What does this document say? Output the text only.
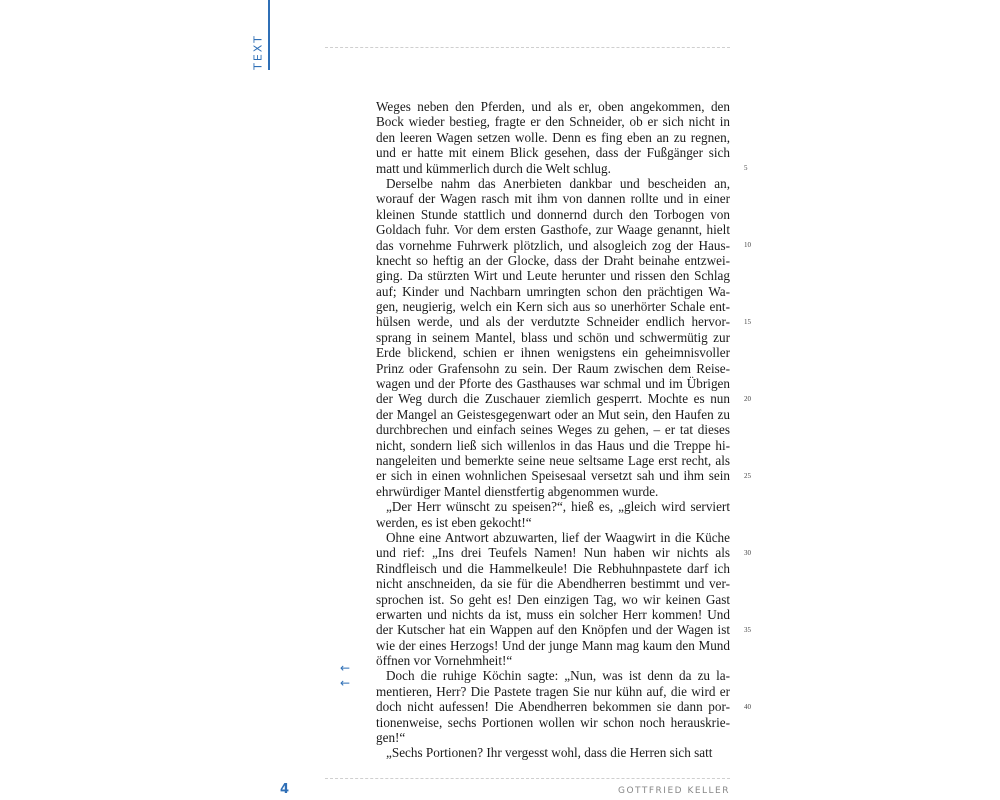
TEXT
Weges neben den Pferden, und als er, oben angekommen, den
Bock wieder bestieg, fragte er den Schneider, ob er sich nicht in
den leeren Wagen setzen wolle. Denn es fing eben an zu regnen,
und er hatte mit einem Blick gesehen, dass der Fußgänger sich
matt und kümmerlich durch die Welt schlug.
Derselbe nahm das Anerbieten dankbar und bescheiden an,
worauf der Wagen rasch mit ihm von dannen rollte und in einer
kleinen Stunde stattlich und donnernd durch den Torbogen von
Goldach fuhr. Vor dem ersten Gasthofe, zur Waage genannt, hielt
das vornehme Fuhrwerk plötzlich, und alsogleich zog der Haus-
knecht so heftig an der Glocke, dass der Draht beinahe entzwei-
ging. Da stürzten Wirt und Leute herunter und rissen den Schlag
auf; Kinder und Nachbarn umringten schon den prächtigen Wa-
gen, neugierig, welch ein Kern sich aus so unerhörter Schale ent-
hülsen werde, und als der verdutzte Schneider endlich hervor-
sprang in seinem Mantel, blass und schön und schwermütig zur
Erde blickend, schien er ihnen wenigstens ein geheimnisvoller
Prinz oder Grafensohn zu sein. Der Raum zwischen dem Reise-
wagen und der Pforte des Gasthauses war schmal und im Übrigen
der Weg durch die Zuschauer ziemlich gesperrt. Mochte es nun
der Mangel an Geistesgegenwart oder an Mut sein, den Haufen zu
durchbrechen und einfach seines Weges zu gehen, – er tat dieses
nicht, sondern ließ sich willenlos in das Haus und die Treppe hi-
nangeleiten und bemerkte seine neue seltsame Lage erst recht, als
er sich in einen wohnlichen Speisesaal versetzt sah und ihm sein
ehrwürdiger Mantel dienstfertig abgenommen wurde.
„Der Herr wünscht zu speisen?“, hieß es, „gleich wird serviert
werden, es ist eben gekocht!“
Ohne eine Antwort abzuwarten, lief der Waagwirt in die Küche
und rief: „Ins drei Teufels Namen! Nun haben wir nichts als
Rindfleisch und die Hammelkeule! Die Rebhuhnpastete darf ich
nicht anschneiden, da sie für die Abendherren bestimmt und ver-
sprochen ist. So geht es! Den einzigen Tag, wo wir keinen Gast
erwarten und nichts da ist, muss ein solcher Herr kommen! Und
der Kutscher hat ein Wappen auf den Knöpfen und der Wagen ist
wie der eines Herzogs! Und der junge Mann mag kaum den Mund
öffnen vor Vornehmheit!“
Doch die ruhige Köchin sagte: „Nun, was ist denn da zu la-
mentieren, Herr? Die Pastete tragen Sie nur kühn auf, die wird er
doch nicht aufessen! Die Abendherren bekommen sie dann por-
tionenweise, sechs Portionen wollen wir schon noch herauskrie-
gen!“
„Sechs Portionen? Ihr vergesst wohl, dass die Herren sich satt
5
10
15
20
25
30
35
40
←
←
4	GOTTFRIED KELLER
